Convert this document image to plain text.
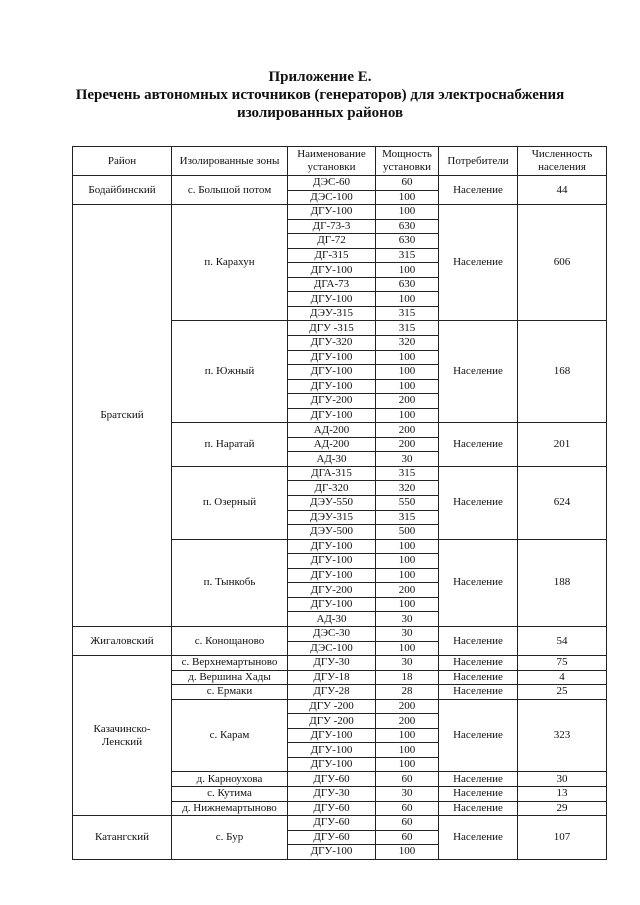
Приложение Е.
Перечень автономных источников (генераторов) для электроснабжения
изолированных районов
Район	Изолированные зоны	Наименование установки	Мощность установки	Потребители	Численность населения
Бодайбинский	с. Большой потом	ДЭС-60	60	Население	44
		ДЭС-100	100		
Братский	п. Карахун	ДГУ-100	100	Население	606
		ДГ-73-3	630		
		ДГ-72	630		
		ДГ-315	315		
		ДГУ-100	100		
		ДГА-73	630		
		ДГУ-100	100		
		ДЭУ-315	315		
	п. Южный	ДГУ -315	315	Население	168
		ДГУ-320	320		
		ДГУ-100	100		
		ДГУ-100	100		
		ДГУ-100	100		
		ДГУ-200	200		
		ДГУ-100	100		
	п. Наратай	АД-200	200	Население	201
		АД-200	200		
		АД-30	30		
	п. Озерный	ДГА-315	315	Население	624
		ДГ-320	320		
		ДЭУ-550	550		
		ДЭУ-315	315		
		ДЭУ-500	500		
	п. Тынкобь	ДГУ-100	100	Население	188
		ДГУ-100	100		
		ДГУ-100	100		
		ДГУ-200	200		
		ДГУ-100	100		
		АД-30	30		
Жигаловский	с. Конощаново	ДЭС-30	30	Население	54
		ДЭС-100	100		
Казачинско-Ленский	с. Верхнемартыново	ДГУ-30	30	Население	75
	д. Вершина Хады	ДГУ-18	18	Население	4
	с. Ермаки	ДГУ-28	28	Население	25
	с. Карам	ДГУ -200	200	Население	323
		ДГУ -200	200		
		ДГУ-100	100		
		ДГУ-100	100		
		ДГУ-100	100		
	д. Карноухова	ДГУ-60	60	Население	30
	с. Кутима	ДГУ-30	30	Население	13
	д. Нижнемартыново	ДГУ-60	60	Население	29
Катангский	с. Бур	ДГУ-60	60	Население	107
		ДГУ-60	60		
		ДГУ-100	100		
